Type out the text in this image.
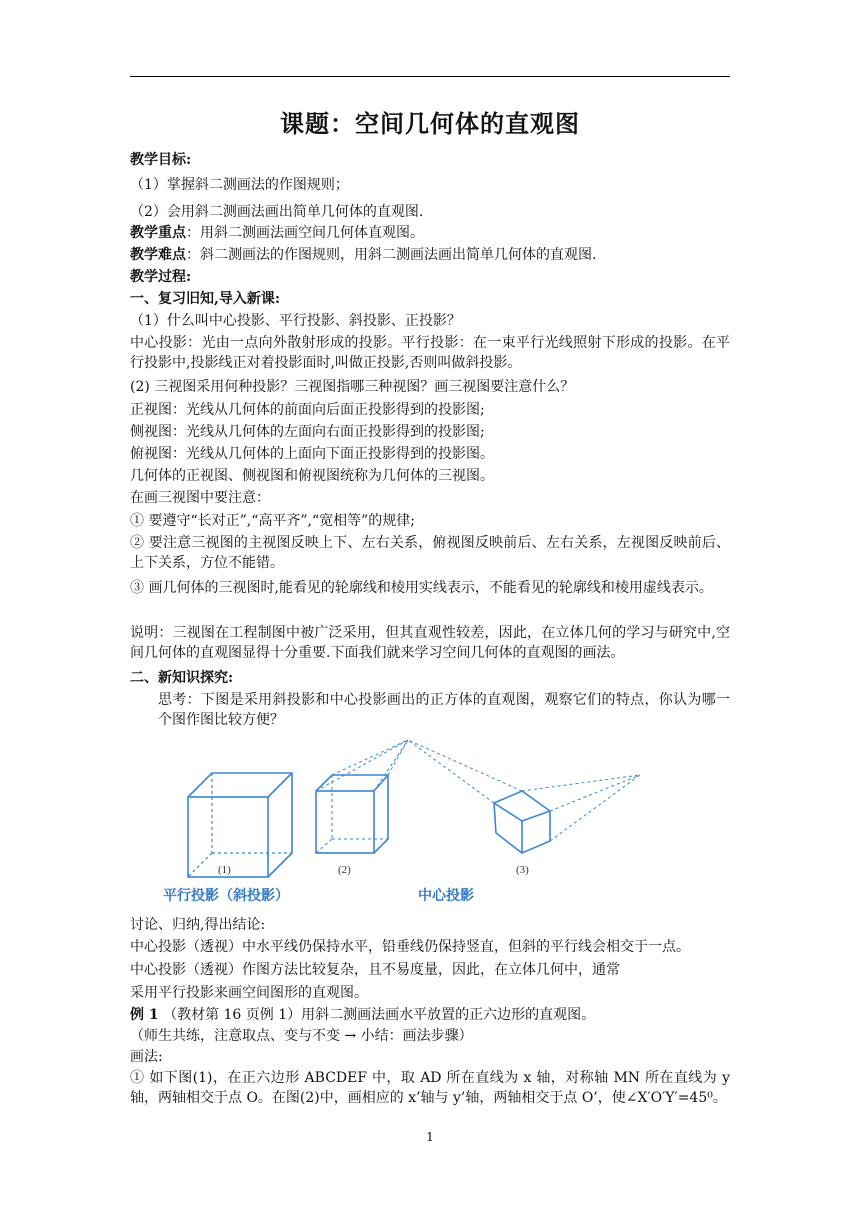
课题：空间几何体的直观图
教学目标:
（1）掌握斜二测画法的作图规则；
（2）会用斜二测画法画出简单几何体的直观图.
教学重点：用斜二测画法画空间几何体直观图。
教学难点：斜二测画法的作图规则，用斜二测画法画出简单几何体的直观图.
教学过程:
一、复习旧知,导入新课:
（1）什么叫中心投影、平行投影、斜投影、正投影？
中心投影：光由一点向外散射形成的投影。平行投影：在一束平行光线照射下形成的投影。在平行投影中,投影线正对着投影面时,叫做正投影,否则叫做斜投影。
(2) 三视图采用何种投影？三视图指哪三种视图？画三视图要注意什么？
正视图：光线从几何体的前面向后面正投影得到的投影图;
侧视图：光线从几何体的左面向右面正投影得到的投影图;
俯视图：光线从几何体的上面向下面正投影得到的投影图。
几何体的正视图、侧视图和俯视图统称为几何体的三视图。
在画三视图中要注意：
① 要遵守“长对正”,“高平齐”,“宽相等”的规律;
② 要注意三视图的主视图反映上下、左右关系，俯视图反映前后、左右关系，左视图反映前后、上下关系，方位不能错。
③ 画几何体的三视图时,能看见的轮廓线和棱用实线表示，不能看见的轮廓线和棱用虚线表示。
说明：三视图在工程制图中被广泛采用，但其直观性较差，因此，在立体几何的学习与研究中,空间几何体的直观图显得十分重要.下面我们就来学习空间几何体的直观图的画法。
二、新知识探究:
思考：下图是采用斜投影和中心投影画出的正方体的直观图，观察它们的特点，你认为哪一个图作图比较方便？
(1)	(2)	(3)
平行投影（斜投影）	中心投影
讨论、归纳,得出结论:
中心投影（透视）中水平线仍保持水平，铅垂线仍保持竖直，但斜的平行线会相交于一点。
中心投影（透视）作图方法比较复杂，且不易度量，因此，在立体几何中，通常
采用平行投影来画空间图形的直观图。
例 1 （教材第 16 页例 1）用斜二测画法画水平放置的正六边形的直观图。
（师生共练，注意取点、变与不变 → 小结：画法步骤）
画法:
① 如下图(1)，在正六边形 ABCDEF 中，取 AD 所在直线为 x 轴，对称轴 MN 所在直线为 y 轴，两轴相交于点 O。在图(2)中，画相应的 x’轴与 y’轴，两轴相交于点 O’，使∠X′O′Y′=45⁰。
1
